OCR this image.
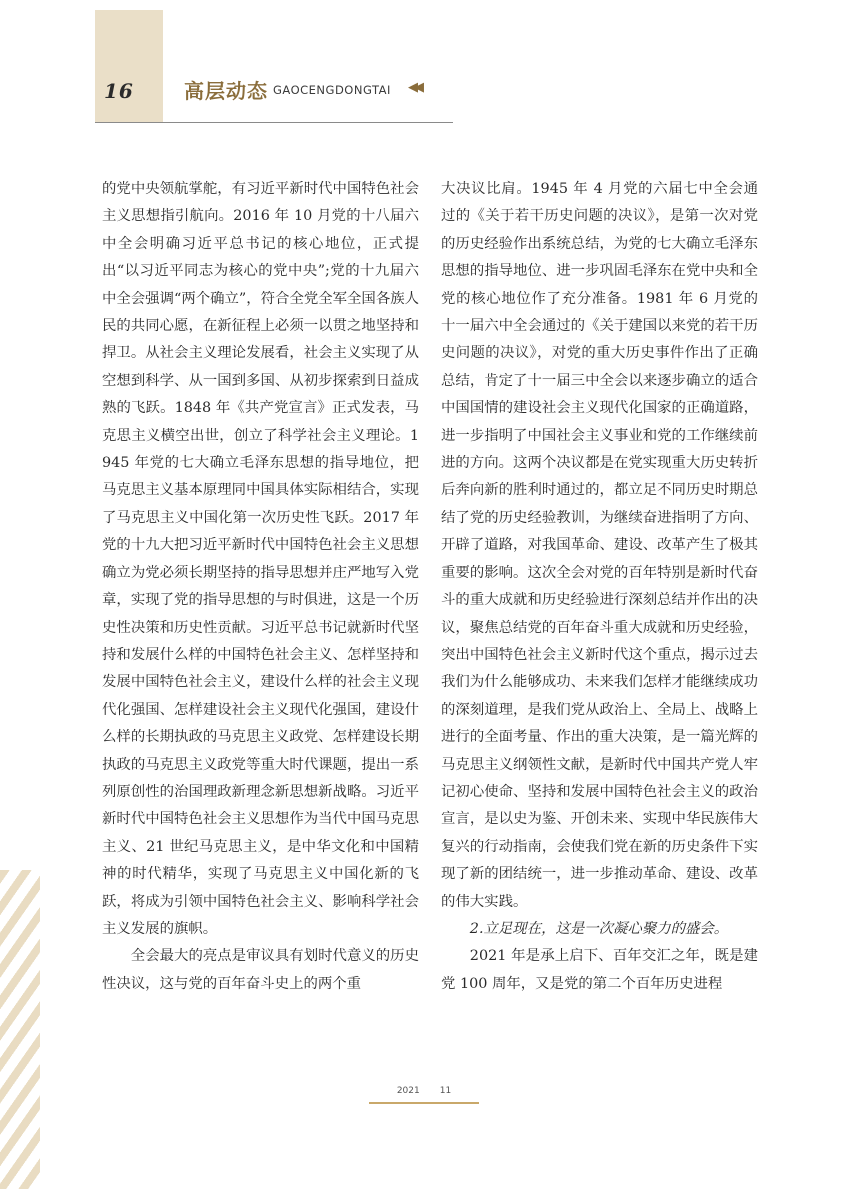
16	高层动态 GAOCENGDONGTAI ◀◀

的党中央领航掌舵，有习近平新时代中国特色社会主义思想指引航向。2016 年 10 月党的十八届六中全会明确习近平总书记的核心地位，正式提出“以习近平同志为核心的党中央”;党的十九届六中全会强调“两个确立”，符合全党全军全国各族人民的共同心愿，在新征程上必须一以贯之地坚持和捍卫。从社会主义理论发展看，社会主义实现了从空想到科学、从一国到多国、从初步探索到日益成熟的飞跃。1848 年《共产党宣言》正式发表，马克思主义横空出世，创立了科学社会主义理论。1945 年党的七大确立毛泽东思想的指导地位，把马克思主义基本原理同中国具体实际相结合，实现了马克思主义中国化第一次历史性飞跃。2017 年党的十九大把习近平新时代中国特色社会主义思想确立为党必须长期坚持的指导思想并庄严地写入党章，实现了党的指导思想的与时俱进，这是一个历史性决策和历史性贡献。习近平总书记就新时代坚持和发展什么样的中国特色社会主义、怎样坚持和发展中国特色社会主义，建设什么样的社会主义现代化强国、怎样建设社会主义现代化强国，建设什么样的长期执政的马克思主义政党、怎样建设长期执政的马克思主义政党等重大时代课题，提出一系列原创性的治国理政新理念新思想新战略。习近平新时代中国特色社会主义思想作为当代中国马克思主义、21 世纪马克思主义，是中华文化和中国精神的时代精华，实现了马克思主义中国化新的飞跃，将成为引领中国特色社会主义、影响科学社会主义发展的旗帜。

全会最大的亮点是审议具有划时代意义的历史性决议，这与党的百年奋斗史上的两个重

大决议比肩。1945 年 4 月党的六届七中全会通过的《关于若干历史问题的决议》，是第一次对党的历史经验作出系统总结，为党的七大确立毛泽东思想的指导地位、进一步巩固毛泽东在党中央和全党的核心地位作了充分准备。1981 年 6 月党的十一届六中全会通过的《关于建国以来党的若干历史问题的决议》，对党的重大历史事件作出了正确总结，肯定了十一届三中全会以来逐步确立的适合中国国情的建设社会主义现代化国家的正确道路，进一步指明了中国社会主义事业和党的工作继续前进的方向。这两个决议都是在党实现重大历史转折后奔向新的胜利时通过的，都立足不同历史时期总结了党的历史经验教训，为继续奋进指明了方向、开辟了道路，对我国革命、建设、改革产生了极其重要的影响。这次全会对党的百年特别是新时代奋斗的重大成就和历史经验进行深刻总结并作出的决议，聚焦总结党的百年奋斗重大成就和历史经验，突出中国特色社会主义新时代这个重点，揭示过去我们为什么能够成功、未来我们怎样才能继续成功的深刻道理，是我们党从政治上、全局上、战略上进行的全面考量、作出的重大决策，是一篇光辉的马克思主义纲领性文献，是新时代中国共产党人牢记初心使命、坚持和发展中国特色社会主义的政治宣言，是以史为鉴、开创未来、实现中华民族伟大复兴的行动指南，会使我们党在新的历史条件下实现了新的团结统一，进一步推动革命、建设、改革的伟大实践。

2.立足现在，这是一次凝心聚力的盛会。

2021 年是承上启下、百年交汇之年，既是建党 100 周年，又是党的第二个百年历史进程

2021 11
